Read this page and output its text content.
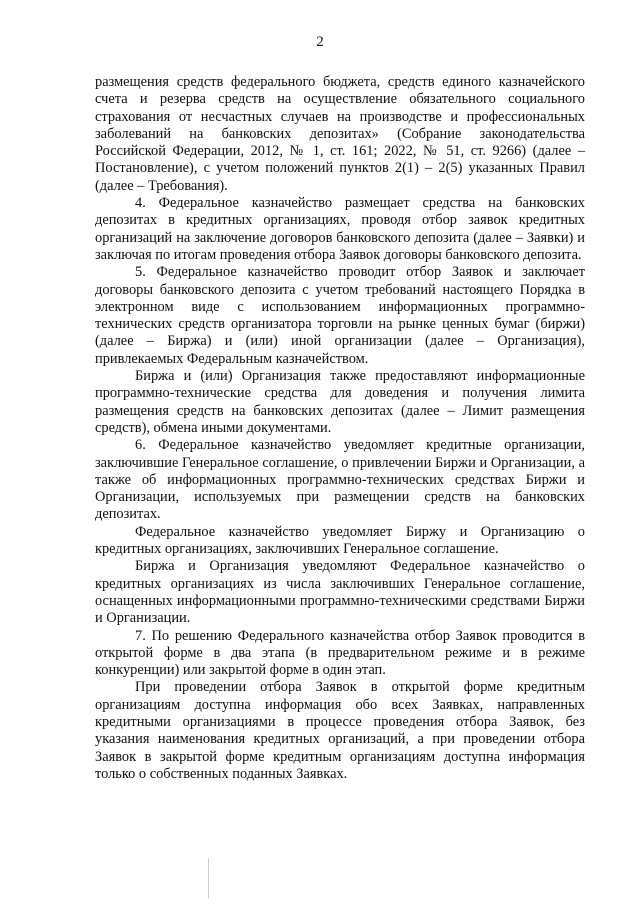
2

размещения средств федерального бюджета, средств единого казначейского счета и резерва средств на осуществление обязательного социального страхования от несчастных случаев на производстве и профессиональных заболеваний на банковских депозитах» (Собрание законодательства Российской Федерации, 2012, № 1, ст. 161; 2022, № 51, ст. 9266) (далее – Постановление), с учетом положений пунктов 2(1) – 2(5) указанных Правил (далее – Требования).

4. Федеральное казначейство размещает средства на банковских депозитах в кредитных организациях, проводя отбор заявок кредитных организаций на заключение договоров банковского депозита (далее – Заявки) и заключая по итогам проведения отбора Заявок договоры банковского депозита.

5. Федеральное казначейство проводит отбор Заявок и заключает договоры банковского депозита с учетом требований настоящего Порядка в электронном виде с использованием информационных программно-технических средств организатора торговли на рынке ценных бумаг (биржи) (далее – Биржа) и (или) иной организации (далее – Организация), привлекаемых Федеральным казначейством.

Биржа и (или) Организация также предоставляют информационные программно-технические средства для доведения и получения лимита размещения средств на банковских депозитах (далее – Лимит размещения средств), обмена иными документами.

6. Федеральное казначейство уведомляет кредитные организации, заключившие Генеральное соглашение, о привлечении Биржи и Организации, а также об информационных программно-технических средствах Биржи и Организации, используемых при размещении средств на банковских депозитах.

Федеральное казначейство уведомляет Биржу и Организацию о кредитных организациях, заключивших Генеральное соглашение.

Биржа и Организация уведомляют Федеральное казначейство о кредитных организациях из числа заключивших Генеральное соглашение, оснащенных информационными программно-техническими средствами Биржи и Организации.

7. По решению Федерального казначейства отбор Заявок проводится в открытой форме в два этапа (в предварительном режиме и в режиме конкуренции) или закрытой форме в один этап.

При проведении отбора Заявок в открытой форме кредитным организациям доступна информация обо всех Заявках, направленных кредитными организациями в процессе проведения отбора Заявок, без указания наименования кредитных организаций, а при проведении отбора Заявок в закрытой форме кредитным организациям доступна информация только о собственных поданных Заявках.
